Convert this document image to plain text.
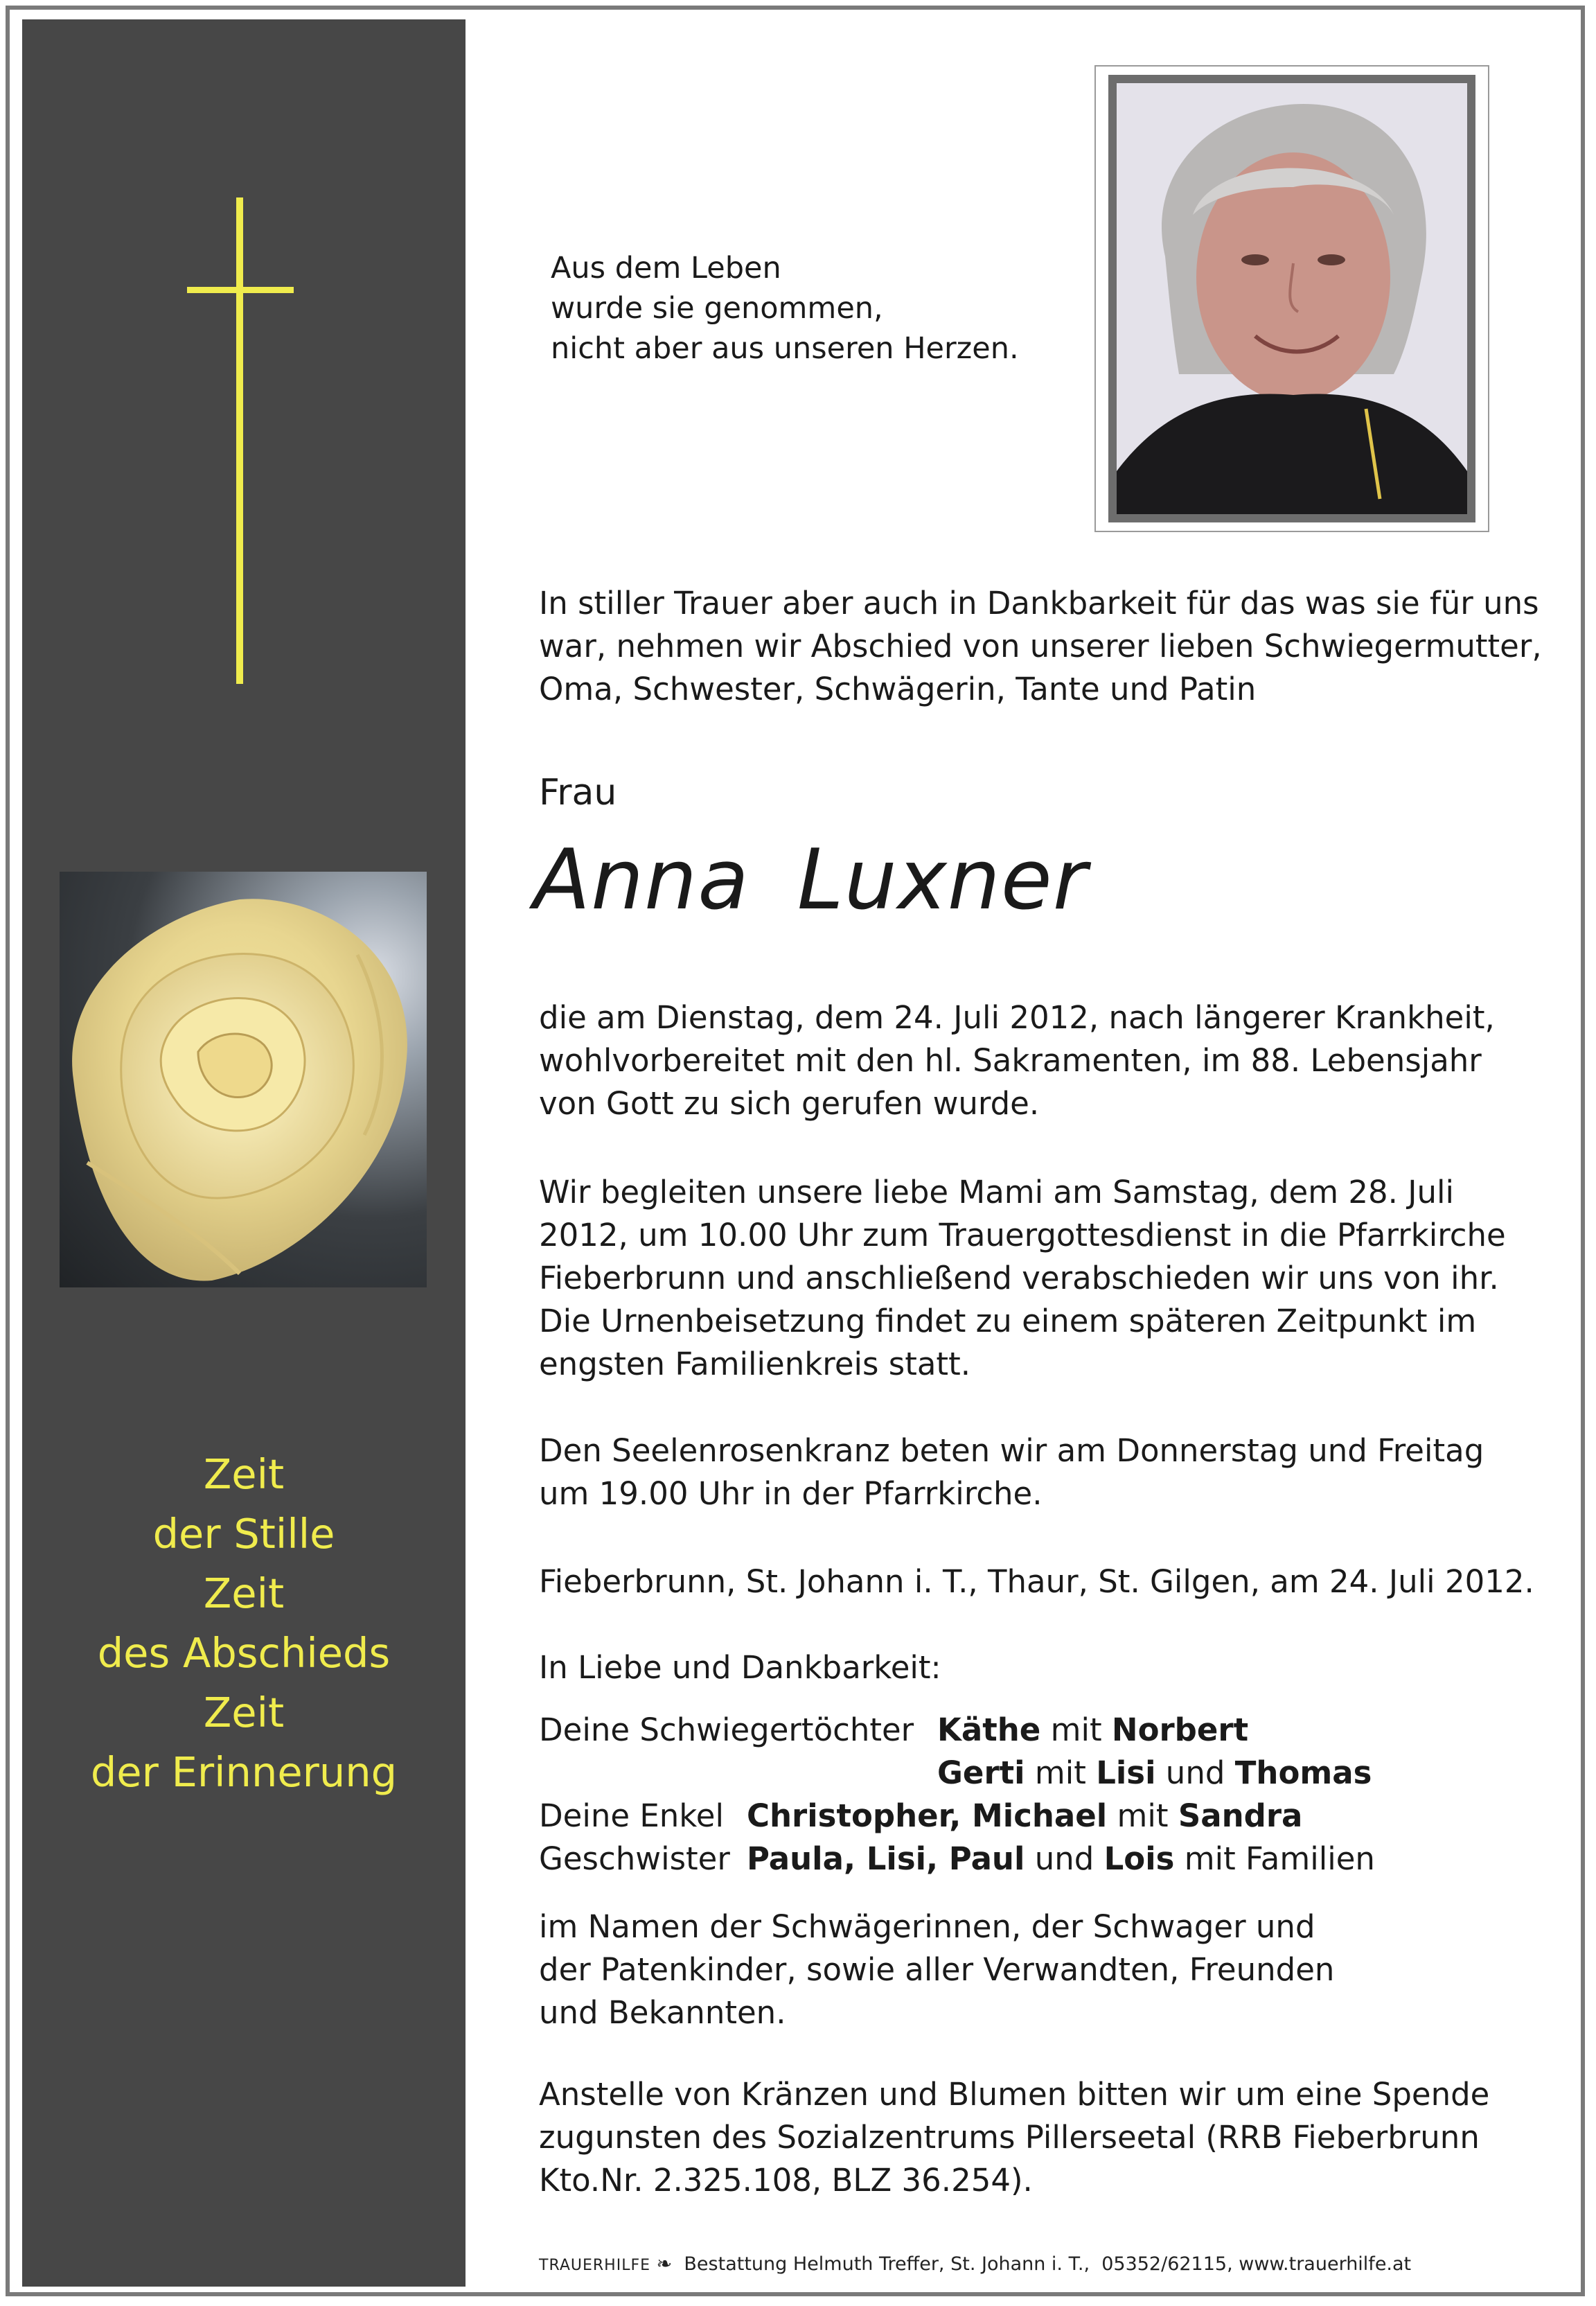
Zeit
der Stille
Zeit
des Abschieds
Zeit
der Erinnerung
Aus dem Leben
wurde sie genommen,
nicht aber aus unseren Herzen.
In stiller Trauer aber auch in Dankbarkeit für das was sie für uns
war, nehmen wir Abschied von unserer lieben Schwiegermutter,
Oma, Schwester, Schwägerin, Tante und Patin
Frau
Anna Luxner
die am Dienstag, dem 24. Juli 2012, nach längerer Krankheit,
wohlvorbereitet mit den hl. Sakramenten, im 88. Lebensjahr
von Gott zu sich gerufen wurde.
Wir begleiten unsere liebe Mami am Samstag, dem 28. Juli
2012, um 10.00 Uhr zum Trauergottesdienst in die Pfarrkirche
Fieberbrunn und anschließend verabschieden wir uns von ihr.
Die Urnenbeisetzung findet zu einem späteren Zeitpunkt im
engsten Familienkreis statt.
Den Seelenrosenkranz beten wir am Donnerstag und Freitag
um 19.00 Uhr in der Pfarrkirche.
Fieberbrunn, St. Johann i. T., Thaur, St. Gilgen, am 24. Juli 2012.
In Liebe und Dankbarkeit:
Deine Schwiegertöchter Käthe mit Norbert
Gerti mit Lisi und Thomas
Deine Enkel Christopher, Michael mit Sandra
Geschwister Paula, Lisi, Paul und Lois mit Familien
im Namen der Schwägerinnen, der Schwager und
der Patenkinder, sowie aller Verwandten, Freunden
und Bekannten.
Anstelle von Kränzen und Blumen bitten wir um eine Spende
zugunsten des Sozialzentrums Pillerseetal (RRB Fieberbrunn
Kto.Nr. 2.325.108, BLZ 36.254).
TRAUERHILFE ❧  Bestattung Helmuth Treffer, St. Johann i. T.,  05352/62115, www.trauerhilfe.at
